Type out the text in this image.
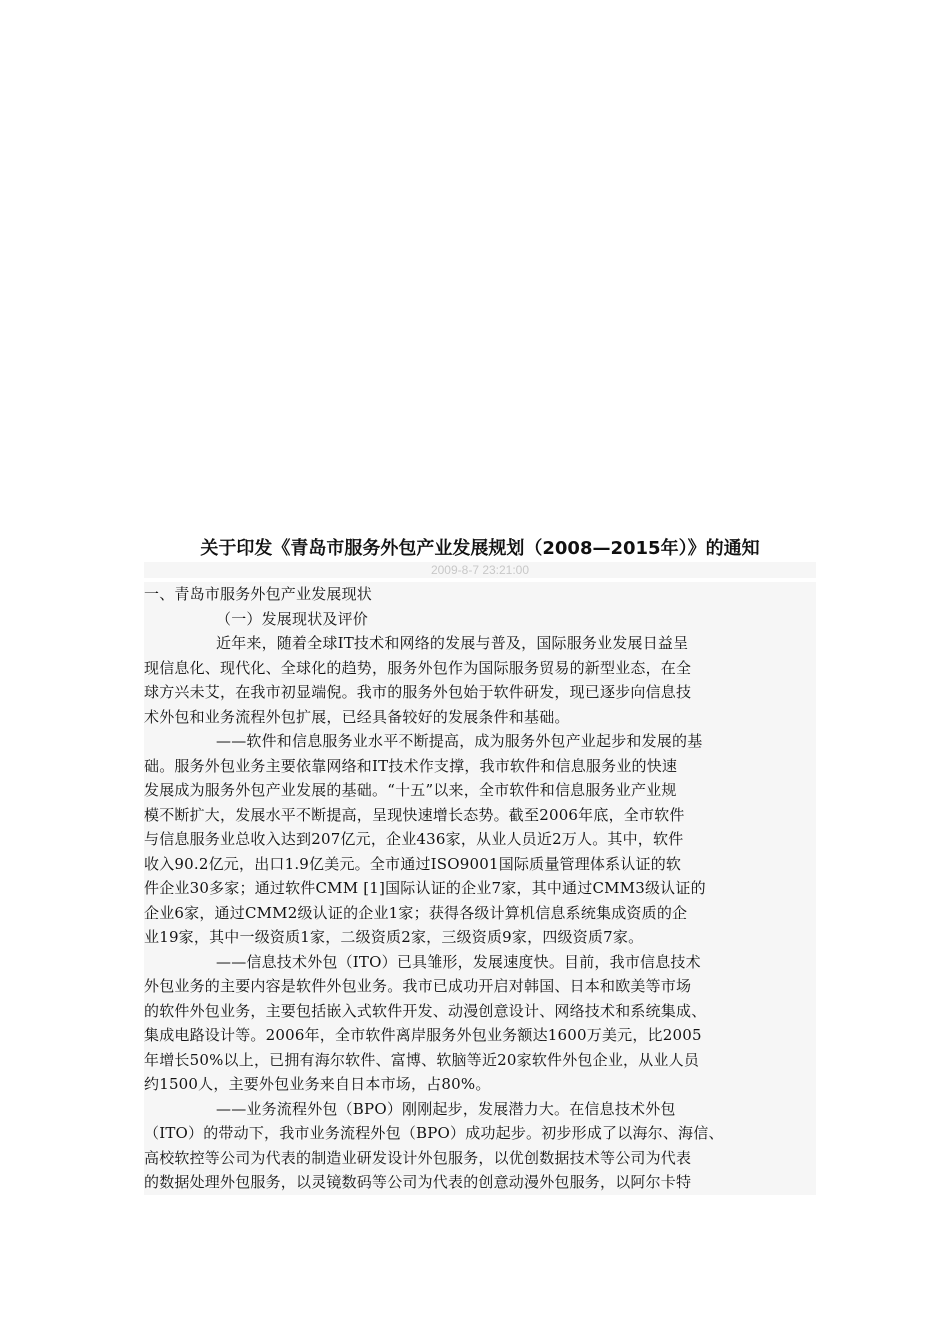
关于印发《青岛市服务外包产业发展规划（2008—2015年）》的通知
2009-8-7 23:21:00

一、青岛市服务外包产业发展现状

（一）发展现状及评价

近年来，随着全球IT技术和网络的发展与普及，国际服务业发展日益呈

现信息化、现代化、全球化的趋势，服务外包作为国际服务贸易的新型业态，在全

球方兴未艾，在我市初显端倪。我市的服务外包始于软件研发，现已逐步向信息技

术外包和业务流程外包扩展，已经具备较好的发展条件和基础。

——软件和信息服务业水平不断提高，成为服务外包产业起步和发展的基

础。服务外包业务主要依靠网络和IT技术作支撑，我市软件和信息服务业的快速

发展成为服务外包产业发展的基础。“十五”以来，全市软件和信息服务业产业规

模不断扩大，发展水平不断提高，呈现快速增长态势。截至2006年底，全市软件

与信息服务业总收入达到207亿元，企业436家，从业人员近2万人。其中，软件

收入90.2亿元，出口1.9亿美元。全市通过ISO9001国际质量管理体系认证的软

件企业30多家；通过软件CMM [1]国际认证的企业7家，其中通过CMM3级认证的

企业6家，通过CMM2级认证的企业1家；获得各级计算机信息系统集成资质的企

业19家，其中一级资质1家，二级资质2家，三级资质9家，四级资质7家。

——信息技术外包（ITO）已具雏形，发展速度快。目前，我市信息技术

外包业务的主要内容是软件外包业务。我市已成功开启对韩国、日本和欧美等市场

的软件外包业务，主要包括嵌入式软件开发、动漫创意设计、网络技术和系统集成、

集成电路设计等。2006年，全市软件离岸服务外包业务额达1600万美元，比2005

年增长50%以上，已拥有海尔软件、富博、软脑等近20家软件外包企业，从业人员

约1500人，主要外包业务来自日本市场，占80%。

——业务流程外包（BPO）刚刚起步，发展潜力大。在信息技术外包

（ITO）的带动下，我市业务流程外包（BPO）成功起步。初步形成了以海尔、海信、

高校软控等公司为代表的制造业研发设计外包服务，以优创数据技术等公司为代表

的数据处理外包服务，以灵镜数码等公司为代表的创意动漫外包服务，以阿尔卡特
